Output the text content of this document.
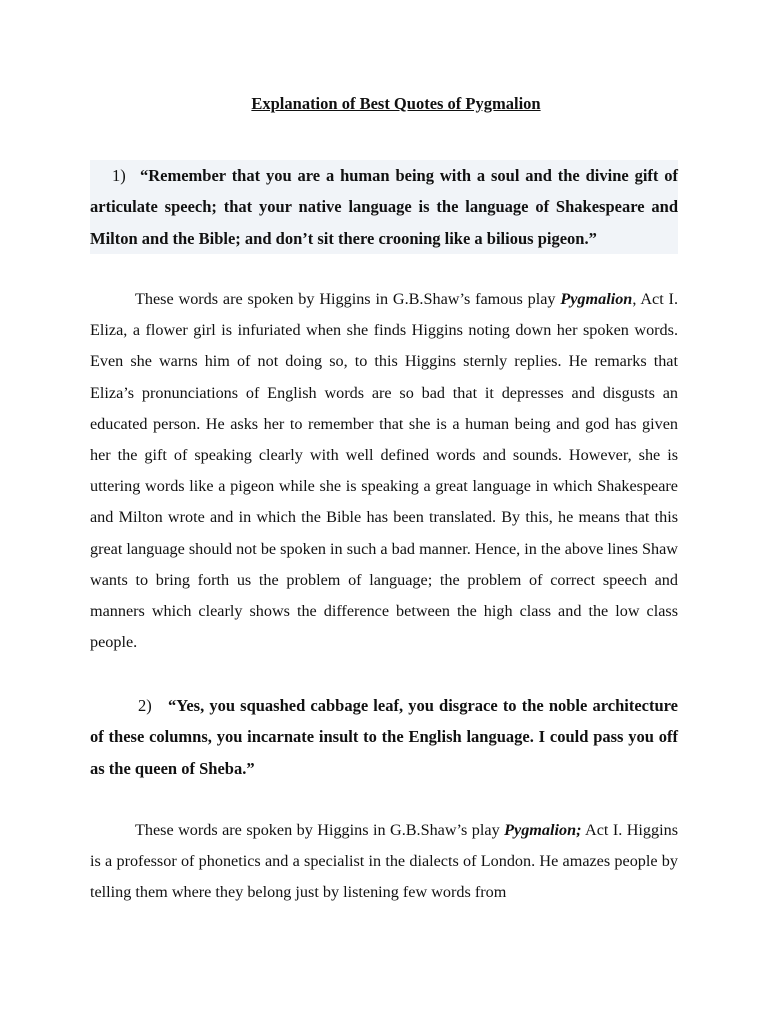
Explanation of Best Quotes of Pygmalion

1) “Remember that you are a human being with a soul and the divine gift of articulate speech; that your native language is the language of Shakespeare and Milton and the Bible; and don’t sit there crooning like a bilious pigeon.”

These words are spoken by Higgins in G.B.Shaw’s famous play Pygmalion, Act I. Eliza, a flower girl is infuriated when she finds Higgins noting down her spoken words. Even she warns him of not doing so, to this Higgins sternly replies. He remarks that Eliza’s pronunciations of English words are so bad that it depresses and disgusts an educated person. He asks her to remember that she is a human being and god has given her the gift of speaking clearly with well defined words and sounds. However, she is uttering words like a pigeon while she is speaking a great language in which Shakespeare and Milton wrote and in which the Bible has been translated. By this, he means that this great language should not be spoken in such a bad manner. Hence, in the above lines Shaw wants to bring forth us the problem of language; the problem of correct speech and manners which clearly shows the difference between the high class and the low class people.

2) “Yes, you squashed cabbage leaf, you disgrace to the noble architecture of these columns, you incarnate insult to the English language. I could pass you off as the queen of Sheba.”

These words are spoken by Higgins in G.B.Shaw’s play Pygmalion; Act I. Higgins is a professor of phonetics and a specialist in the dialects of London. He amazes people by telling them where they belong just by listening few words from
